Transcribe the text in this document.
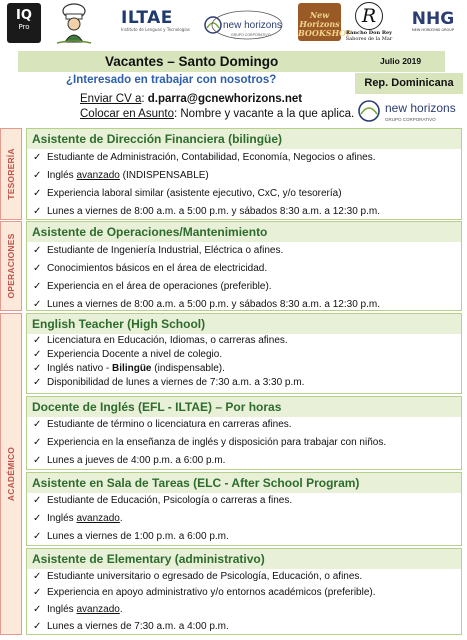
IQ
Pro	ILTAE
Instituto de Lenguas y Tecnologías	new horizons
GRUPO CORPORATIVO
New Horizons
BOOKSHOP
R
Rancho Don Rey
Sabores de la Mar
NHG
NEW HORIZONS GROUP
Vacantes – Santo Domingo	Julio 2019
¿Interesado en trabajar con nosotros?
Enviar CV a: d.parra@gcnewhorizons.net
Colocar en Asunto: Nombre y vacante a la que aplica.
Rep. Dominicana
new horizons
GRUPO CORPORATIVO
TESORERÍA
OPERACIONES
ACADÉMICO
Asistente de Dirección Financiera (bilingüe)
✓ Estudiante de Administración, Contabilidad, Economía, Negocios o afines.
✓ Inglés avanzado (INDISPENSABLE)
✓ Experiencia laboral similar (asistente ejecutivo, CxC, y/o tesorería)
✓ Lunes a viernes de 8:00 a.m. a 5:00 p.m. y sábados 8:30 a.m. a 12:30 p.m.
Asistente de Operaciones/Mantenimiento
✓ Estudiante de Ingeniería Industrial, Eléctrica o afines.
✓ Conocimientos básicos en el área de electricidad.
✓ Experiencia en el área de operaciones (preferible).
✓ Lunes a viernes de 8:00 a.m. a 5:00 p.m. y sábados 8:30 a.m. a 12:30 p.m.
English Teacher (High School)
✓ Licenciatura en Educación, Idiomas, o carreras afines.
✓ Experiencia Docente a nivel de colegio.
✓ Inglés nativo - Bilingüe (indispensable).
✓ Disponibilidad de lunes a viernes de 7:30 a.m. a 3:30 p.m.
Docente de Inglés (EFL - ILTAE) – Por horas
✓ Estudiante de término o licenciatura en carreras afines.
✓ Experiencia en la enseñanza de inglés y disposición para trabajar con niños.
✓ Lunes a jueves de 4:00 p.m. a 6:00 p.m.
Asistente en Sala de Tareas (ELC - After School Program)
✓ Estudiante de Educación, Psicología o carreras a fines.
✓ Inglés avanzado.
✓ Lunes a viernes de 1:00 p.m. a 6:00 p.m.
Asistente de Elementary (administrativo)
✓ Estudiante universitario o egresado de Psicología, Educación, o afines.
✓ Experiencia en apoyo administrativo y/o entornos académicos (preferible).
✓ Inglés avanzado.
✓ Lunes a viernes de 7:30 a.m. a 4:00 p.m.
